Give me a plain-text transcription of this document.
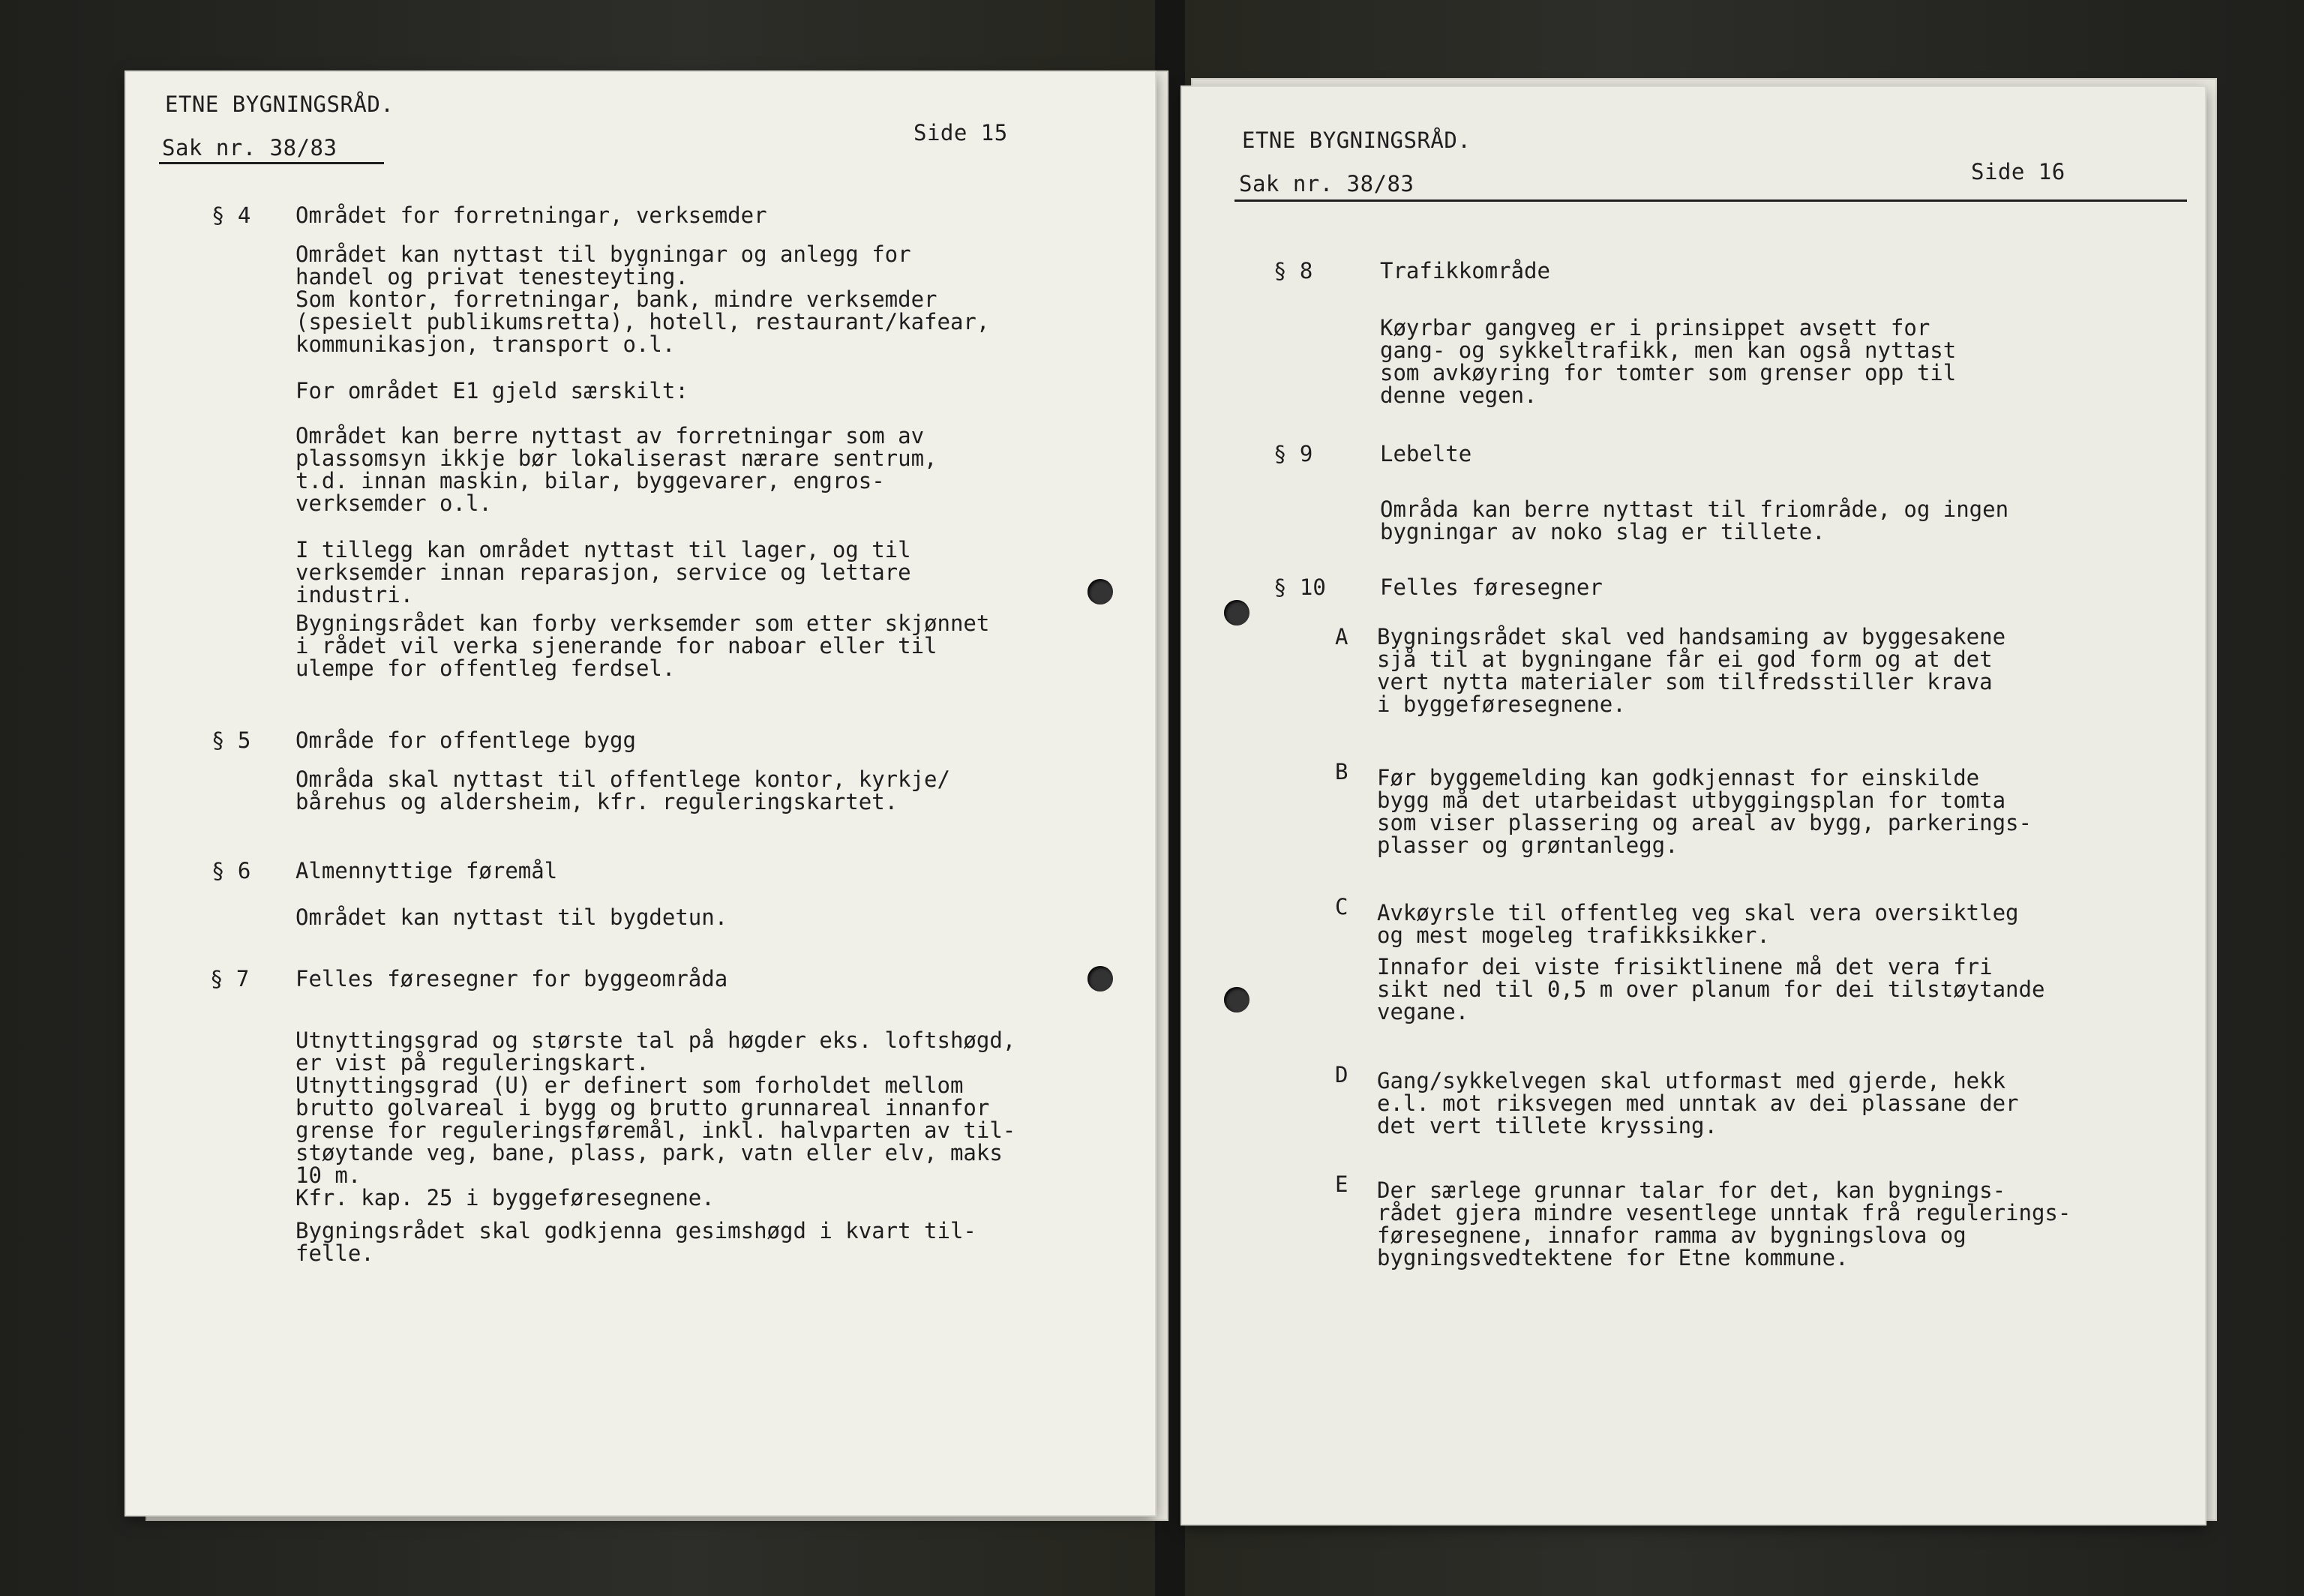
ETNE BYGNINGSRÅD.
Sak nr. 38/83
Side 15
§ 4 Området for forretningar, verksemder
Området kan nyttast til bygningar og anlegg for
handel og privat tenesteyting.
Som kontor, forretningar, bank, mindre verksemder
(spesielt publikumsretta), hotell, restaurant/kafear,
kommunikasjon, transport o.l.
For området E1 gjeld særskilt:
Området kan berre nyttast av forretningar som av
plassomsyn ikkje bør lokaliserast nærare sentrum,
t.d. innan maskin, bilar, byggevarer, engros-
verksemder o.l.
I tillegg kan området nyttast til lager, og til
verksemder innan reparasjon, service og lettare
industri.
Bygningsrådet kan forby verksemder som etter skjønnet
i rådet vil verka sjenerande for naboar eller til
ulempe for offentleg ferdsel.
§ 5 Område for offentlege bygg
Områda skal nyttast til offentlege kontor, kyrkje/
bårehus og aldersheim, kfr. reguleringskartet.
§ 6 Almennyttige føremål
Området kan nyttast til bygdetun.
§ 7 Felles føresegner for byggeområda
Utnyttingsgrad og største tal på høgder eks. loftshøgd,
er vist på reguleringskart.
Utnyttingsgrad (U) er definert som forholdet mellom
brutto golvareal i bygg og brutto grunnareal innanfor
grense for reguleringsføremål, inkl. halvparten av til-
støytande veg, bane, plass, park, vatn eller elv, maks
10 m.
Kfr. kap. 25 i byggeføresegnene.
Bygningsrådet skal godkjenna gesimshøgd i kvart til-
felle.
ETNE BYGNINGSRÅD.
Sak nr. 38/83	Side 16
§ 8	Trafikkområde
Køyrbar gangveg er i prinsippet avsett for
gang- og sykkeltrafikk, men kan også nyttast
som avkøyring for tomter som grenser opp til
denne vegen.
§ 9	Lebelte
Områda kan berre nyttast til friområde, og ingen
bygningar av noko slag er tillete.
§ 10 Felles føresegner
A Bygningsrådet skal ved handsaming av byggesakene
sjå til at bygningane får ei god form og at det
vert nytta materialer som tilfredsstiller krava
i byggeføresegnene.
B Før byggemelding kan godkjennast for einskilde
bygg må det utarbeidast utbyggingsplan for tomta
som viser plassering og areal av bygg, parkerings-
plasser og grøntanlegg.
C Avkøyrsle til offentleg veg skal vera oversiktleg
og mest mogeleg trafikksikker.
Innafor dei viste frisiktlinene må det vera fri
sikt ned til 0,5 m over planum for dei tilstøytande
vegane.
D Gang/sykkelvegen skal utformast med gjerde, hekk
e.l. mot riksvegen med unntak av dei plassane der
det vert tillete kryssing.
E Der særlege grunnar talar for det, kan bygnings-
rådet gjera mindre vesentlege unntak frå regulerings-
føresegnene, innafor ramma av bygningslova og
bygningsvedtektene for Etne kommune.
